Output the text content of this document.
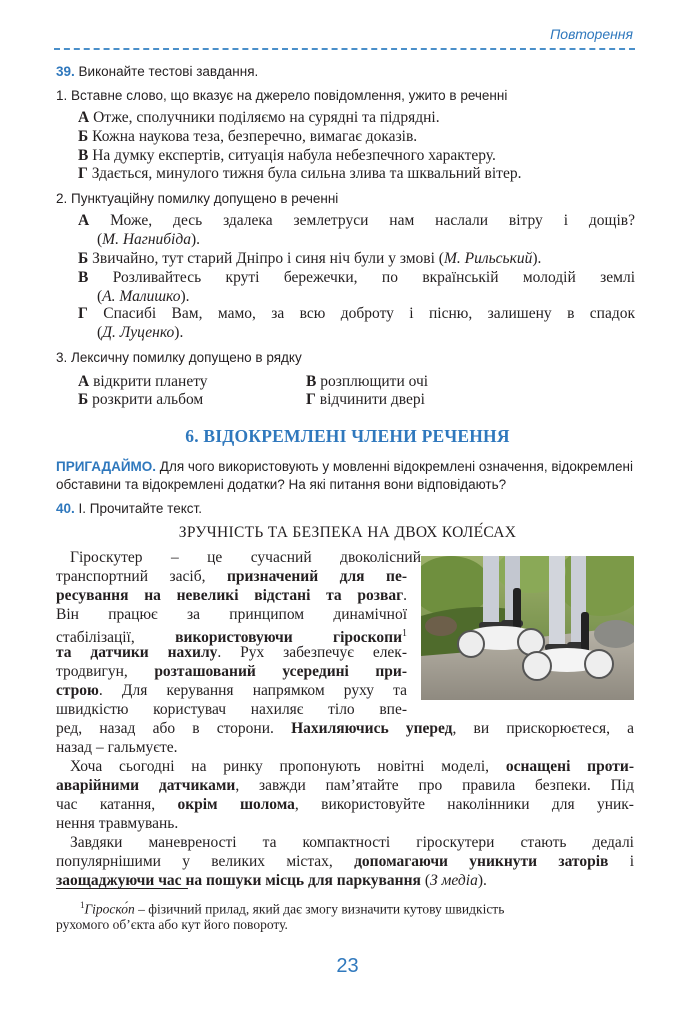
Повторення
39. Виконайте тестові завдання.
1. Вставне слово, що вказує на джерело повідомлення, ужито в реченні
А Отже, сполучники поділяємо на сурядні та підрядні.
Б Кожна наукова теза, безперечно, вимагає доказів.
В На думку експертів, ситуація набула небезпечного характеру.
Г Здається, минулого тижня була сильна злива та шквальний вітер.
2. Пунктуаційну помилку допущено в реченні
А Може, десь здалека землетруси нам наслали вітру і дощів?
(М. Нагнибіда).
Б Звичайно, тут старий Дніпро і синя ніч були у змові (М. Рильський).
В Розливайтесь круті бережечки, по вкраїнській молодій землі
(А. Малишко).
Г Спасибі Вам, мамо, за всю доброту і пісню, залишену в спадок
(Д. Луценко).
3. Лексичну помилку допущено в рядку
А відкрити планету	В розплющити очі
Б розкрити альбом	Г відчинити двері
6. ВІДОКРЕМЛЕНІ ЧЛЕНИ РЕЧЕННЯ
ПРИГАДАЙМО. Для чого використовують у мовленні відокремлені означення, відокремлені обставини та відокремлені додатки? На які питання вони відповідають?
40. І. Прочитайте текст.
ЗРУЧНІСТЬ ТА БЕЗПЕКА НА ДВОХ КОЛЕ́САХ
Гіроскутер – це сучасний двоколісний
транспортний засіб, призначений для пе-
ресування на невеликі відстані та розваг.
Він працює за принципом динамічної
стабілізації, використовуючи гіроскопи$^1$
та датчики нахилу. Рух забезпечує елек-
тродвигун, розташований усередині при-
строю. Для керування напрямком руху та
швидкістю користувач нахиляє тіло впе-
ред, назад або в сторони. Нахиляючись уперед, ви прискорюєтеся, а
назад – гальмуєте.
Хоча сьогодні на ринку пропонують новітні моделі, оснащені проти-
аварійними датчиками, завжди пам’ятайте про правила безпеки. Під
час катання, окрім шолома, використовуйте наколінники для уник-
нення травмувань.
Завдяки маневреності та компактності гіроскутери стають дедалі
популярнішими у великих містах, допомагаючи уникнути заторів і
заощаджуючи час на пошуки місць для паркування (З медіа).
$^1$Гіроско́п – фізичний прилад, який дає змогу визначити кутову швидкість
рухомого об’єкта або кут його повороту.
23
